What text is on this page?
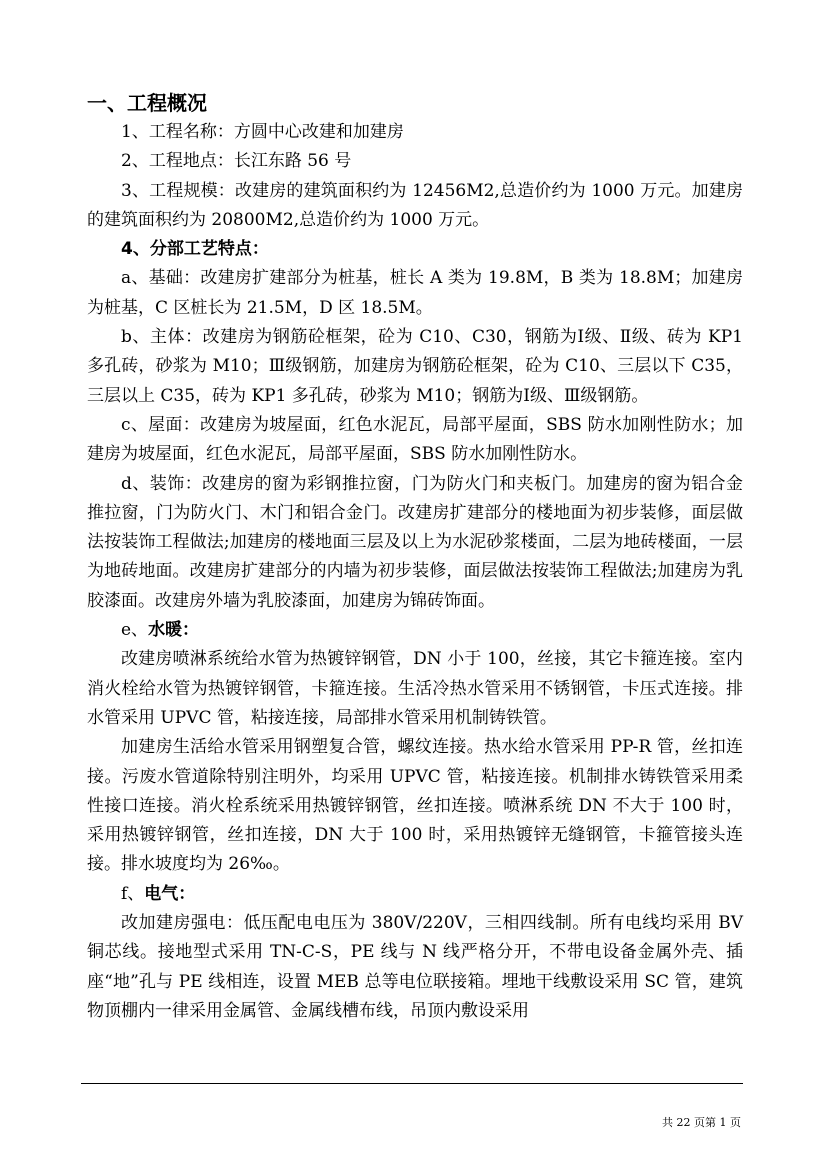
一、工程概况

1、工程名称：方圆中心改建和加建房

2、工程地点：长江东路 56 号

3、工程规模：改建房的建筑面积约为 12456M2,总造价约为 1000 万元。加建房的建筑面积约为 20800M2,总造价约为 1000 万元。

4、分部工艺特点：

a、基础：改建房扩建部分为桩基，桩长 A 类为 19.8M，B 类为 18.8M；加建房为桩基，C 区桩长为 21.5M，D 区 18.5M。

b、主体：改建房为钢筋砼框架，砼为 C10、C30，钢筋为Ⅰ级、Ⅱ级、砖为 KP1 多孔砖，砂浆为 M10；Ⅲ级钢筋，加建房为钢筋砼框架，砼为 C10、三层以下 C35，三层以上 C35，砖为 KP1 多孔砖，砂浆为 M10；钢筋为Ⅰ级、Ⅲ级钢筋。

c、屋面：改建房为坡屋面，红色水泥瓦，局部平屋面，SBS 防水加刚性防水；加建房为坡屋面，红色水泥瓦，局部平屋面，SBS 防水加刚性防水。

d、装饰：改建房的窗为彩钢推拉窗，门为防火门和夹板门。加建房的窗为铝合金推拉窗，门为防火门、木门和铝合金门。改建房扩建部分的楼地面为初步装修，面层做法按装饰工程做法;加建房的楼地面三层及以上为水泥砂浆楼面，二层为地砖楼面，一层为地砖地面。改建房扩建部分的内墙为初步装修，面层做法按装饰工程做法;加建房为乳胶漆面。改建房外墙为乳胶漆面，加建房为锦砖饰面。

e、水暖：

改建房喷淋系统给水管为热镀锌钢管，DN 小于 100，丝接，其它卡箍连接。室内消火栓给水管为热镀锌钢管，卡箍连接。生活冷热水管采用不锈钢管，卡压式连接。排水管采用 UPVC 管，粘接连接，局部排水管采用机制铸铁管。

加建房生活给水管采用钢塑复合管，螺纹连接。热水给水管采用 PP-R 管，丝扣连接。污废水管道除特别注明外，均采用 UPVC 管，粘接连接。机制排水铸铁管采用柔性接口连接。消火栓系统采用热镀锌钢管，丝扣连接。喷淋系统 DN 不大于 100 时，采用热镀锌钢管，丝扣连接，DN 大于 100 时，采用热镀锌无缝钢管，卡箍管接头连接。排水坡度均为 26‰。

f、电气：

改加建房强电：低压配电电压为 380V/220V，三相四线制。所有电线均采用 BV 铜芯线。接地型式采用 TN-C-S，PE 线与 N 线严格分开，不带电设备金属外壳、插座“地”孔与 PE 线相连，设置 MEB 总等电位联接箱。埋地干线敷设采用 SC 管，建筑物顶棚内一律采用金属管、金属线槽布线，吊顶内敷设采用

共 22 页第 1 页
